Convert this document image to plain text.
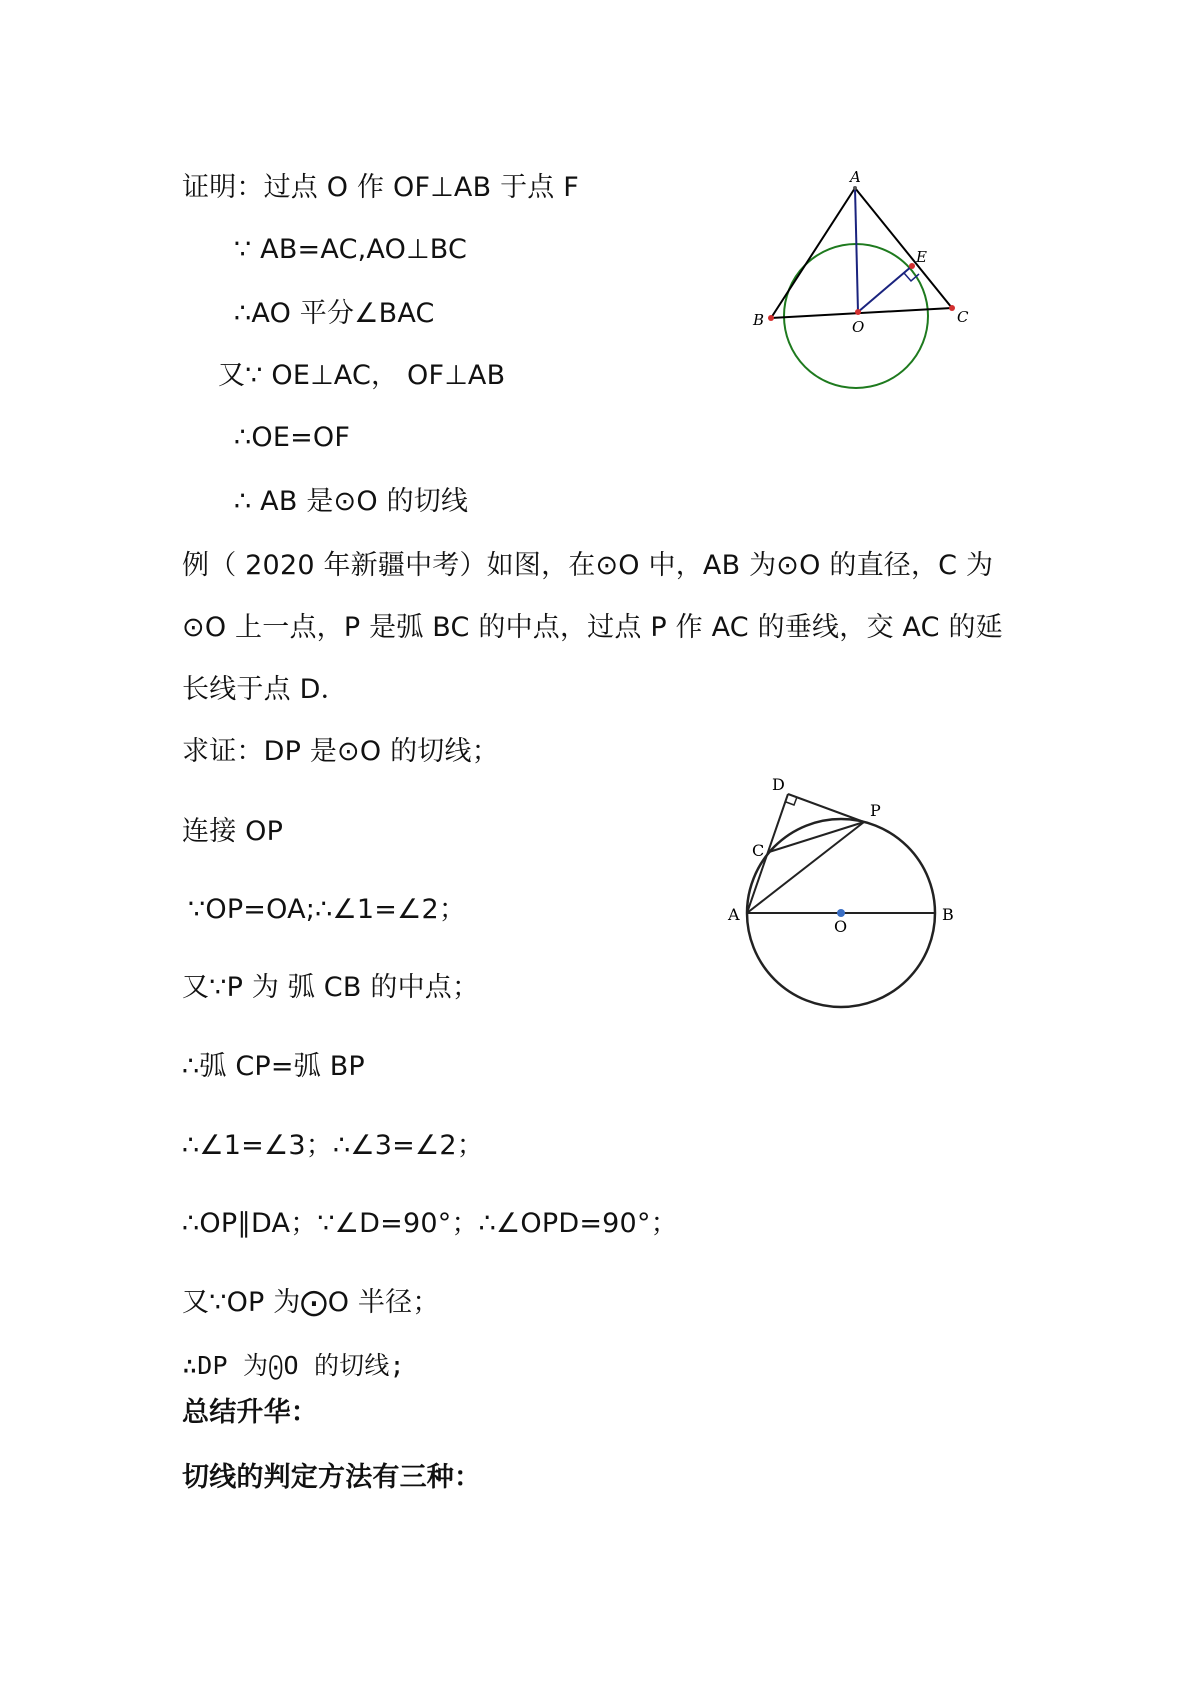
证明：过点 O 作 OF⊥AB 于点 F
∵ AB=AC,AO⊥BC
∴AO 平分∠BAC
又∵ OE⊥AC， OF⊥AB
∴OE=OF
∴ AB 是⊙O 的切线
A
B	C
O
E
例（ 2020 年新疆中考）如图，在⊙O 中，AB 为⊙O 的直径，C 为
⊙O 上一点，P 是弧 BC 的中点，过点 P 作 AC 的垂线，交 AC 的延
长线于点 D．
求证：DP 是⊙O 的切线；
D
P
C
A	B
O
连接 OP
∵OP=OA;∴∠1=∠2；
又∵P 为 弧 CB 的中点；
∴弧 CP=弧 BP
∴∠1=∠3；∴∠3=∠2；
∴OP∥DA；∵∠D=90°；∴∠OPD=90°；
又∵OP 为⨀O 半径；
∴DP 为⨀O 的切线;
总结升华：
切线的判定方法有三种：
